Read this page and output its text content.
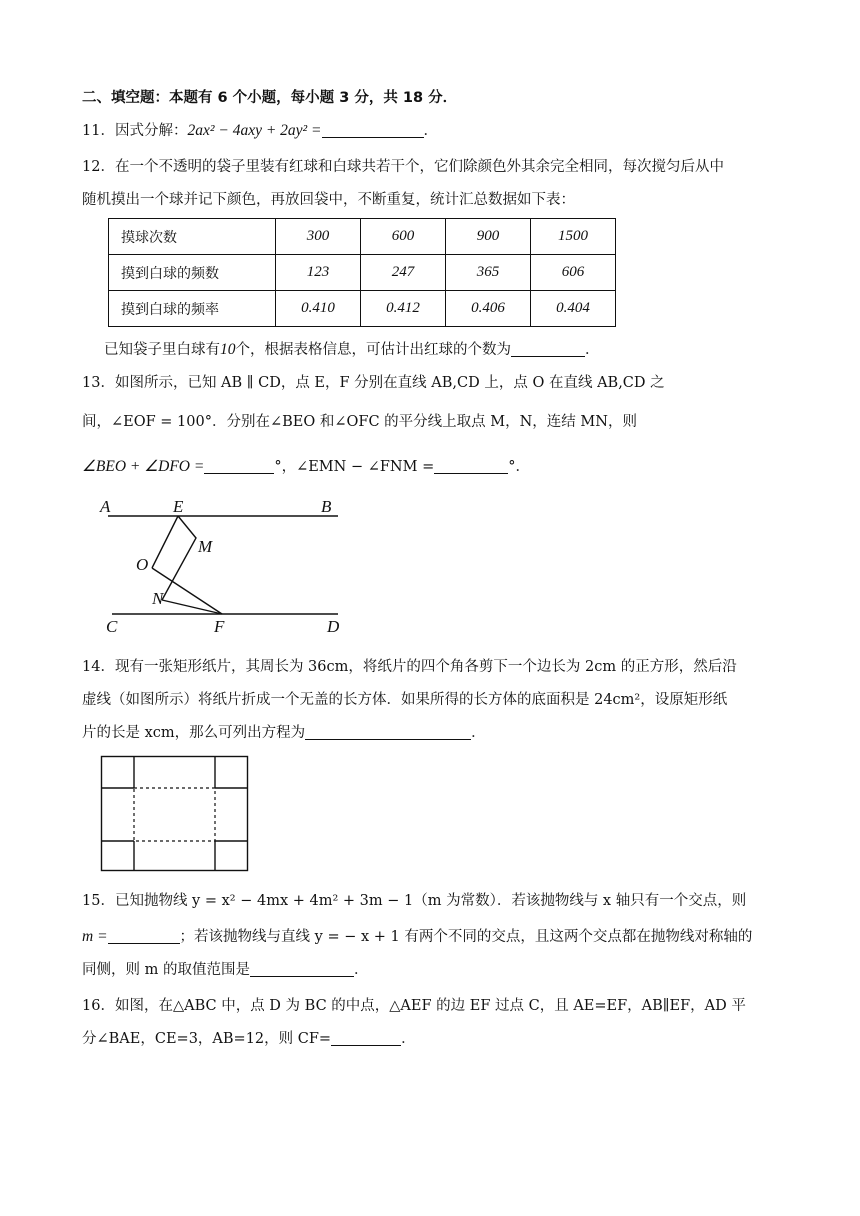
二、填空题：本题有 6 个小题，每小题 3 分，共 18 分．
11．因式分解：2ax² − 4axy + 2ay² =	．
12．在一个不透明的袋子里装有红球和白球共若干个，它们除颜色外其余完全相同，每次搅匀后从中
随机摸出一个球并记下颜色，再放回袋中，不断重复，统计汇总数据如下表：
摸球次数	300	600	900	1500
摸到白球的频数	123	247	365	606
摸到白球的频率	0.410	0.412	0.406	0.404
已知袋子里白球有10个，根据表格信息，可估计出红球的个数为	．
13．如图所示，已知 AB ∥ CD，点 E，F 分别在直线 AB,CD 上，点 O 在直线 AB,CD 之
间，∠EOF = 100°．分别在∠BEO 和∠OFC 的平分线上取点 M，N，连结 MN，则
∠BEO + ∠DFO =	°，∠EMN − ∠FNM =	°．
A	E	B
M
O
N
C	F	D
14．现有一张矩形纸片，其周长为 36cm，将纸片的四个角各剪下一个边长为 2cm 的正方形，然后沿
虚线（如图所示）将纸片折成一个无盖的长方体．如果所得的长方体的底面积是 24cm²，设原矩形纸
片的长是 xcm，那么可列出方程为	．
15．已知抛物线 y = x² − 4mx + 4m² + 3m − 1（m 为常数）．若该抛物线与 x 轴只有一个交点，则
m =	；若该抛物线与直线 y = − x + 1 有两个不同的交点，且这两个交点都在抛物线对称轴的
同侧，则 m 的取值范围是	．
16．如图，在△ABC 中，点 D 为 BC 的中点，△AEF 的边 EF 过点 C，且 AE=EF，AB∥EF，AD 平
分∠BAE，CE=3，AB=12，则 CF=	．
